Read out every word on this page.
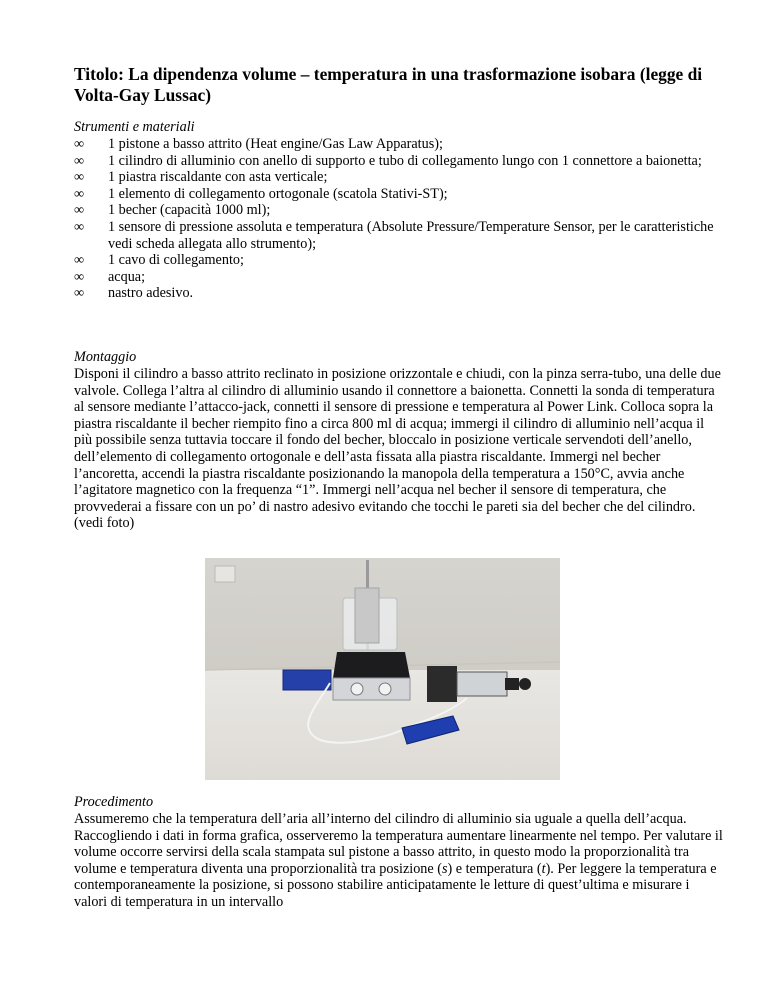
Titolo: La dipendenza volume – temperatura in una trasformazione isobara (legge di Volta-Gay Lussac)

Strumenti e materiali

∞	1 pistone a basso attrito (Heat engine/Gas Law Apparatus);
∞	1 cilindro di alluminio con anello di supporto e tubo di collegamento lungo con 1 connettore a baionetta;
∞	1 piastra riscaldante con asta verticale;
∞	1 elemento di collegamento ortogonale (scatola Stativi-ST);
∞	1 becher (capacità 1000 ml);
∞	1 sensore di pressione assoluta e temperatura (Absolute Pressure/Temperature Sensor, per le caratteristiche vedi scheda allegata allo strumento);
∞	1 cavo di collegamento;
∞	acqua;
∞	nastro adesivo.

Montaggio

Disponi il cilindro a basso attrito reclinato in posizione orizzontale e chiudi, con la pinza serra-tubo, una delle due valvole. Collega l’altra al cilindro di alluminio usando il connettore a baionetta. Connetti la sonda di temperatura al sensore mediante l’attacco-jack, connetti il sensore di pressione e temperatura al Power Link. Colloca sopra la piastra riscaldante il becher riempito fino a circa 800 ml di acqua; immergi il cilindro di alluminio nell’acqua il più possibile senza tuttavia toccare il fondo del becher, bloccalo in posizione verticale servendoti dell’anello, dell’elemento di collegamento ortogonale e dell’asta fissata alla piastra riscaldante. Immergi nel becher l’ancoretta, accendi la piastra riscaldante posizionando la manopola della temperatura a 150°C, avvia anche l’agitatore magnetico con la frequenza “1”. Immergi nell’acqua nel becher il sensore di temperatura, che provvederai a fissare con un po’ di nastro adesivo evitando che tocchi le pareti sia del becher che del cilindro. (vedi foto)

Procedimento

Assumeremo che la temperatura dell’aria all’interno del cilindro di alluminio sia uguale a quella dell’acqua. Raccogliendo i dati in forma grafica, osserveremo la temperatura aumentare linearmente nel tempo. Per valutare il volume occorre servirsi della scala stampata sul pistone a basso attrito, in questo modo la proporzionalità tra volume e temperatura diventa una proporzionalità tra posizione (s) e temperatura (t). Per leggere la temperatura e contemporaneamente la posizione, si possono stabilire anticipatamente le letture di quest’ultima e misurare i valori di temperatura in un intervallo
